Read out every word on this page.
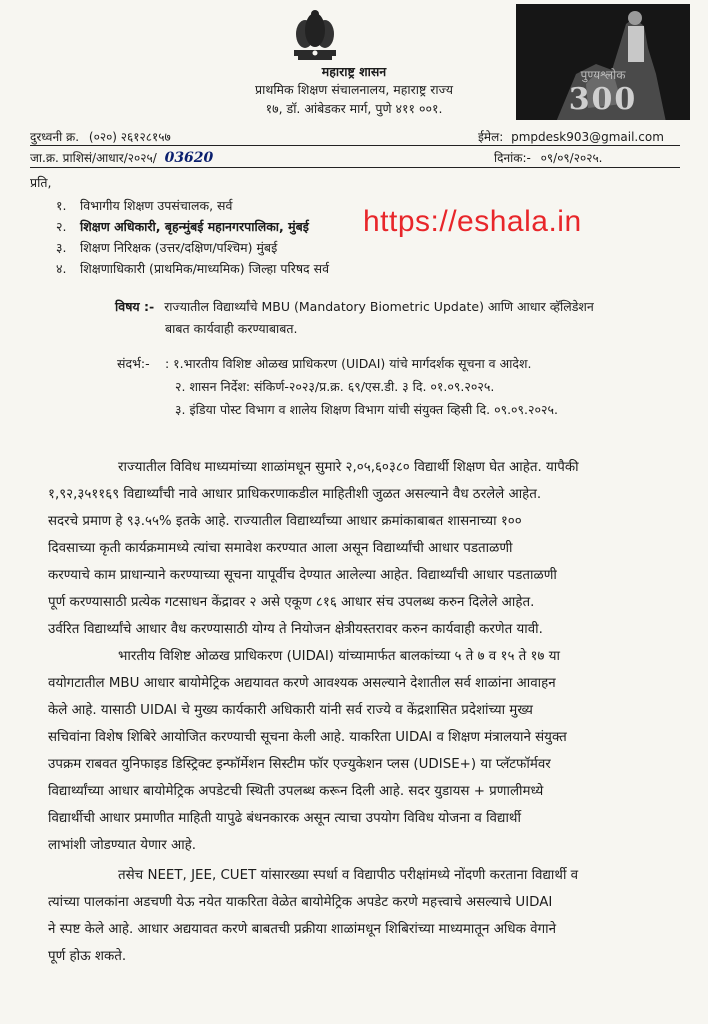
महाराष्ट्र शासन
प्राथमिक शिक्षण संचालनालय, महाराष्ट्र राज्य
१७, डॉ. आंबेडकर मार्ग, पुणे ४११ ००१.
पुण्यश्लोक
300
दुरध्वनी क्र. (०२०) २६१२८१५७	ईमेल: pmpdesk903@gmail.com
जा.क्र. प्राशिसं/आधार/२०२५/ 03620	दिनांक:- ०९/०९/२०२५.
प्रति,
१. विभागीय शिक्षण उपसंचालक, सर्व
२. शिक्षण अधिकारी, बृहन्मुंबई महानगरपालिका, मुंबई
३. शिक्षण निरिक्षक (उत्तर/दक्षिण/पश्चिम) मुंबई
४. शिक्षणाधिकारी (प्राथमिक/माध्यमिक) जिल्हा परिषद सर्व
https://eshala.in
विषय :- राज्यातील विद्यार्थ्यांचे MBU (Mandatory Biometric Update) आणि आधार व्हॅलिडेशन
बाबत कार्यवाही करण्याबाबत.
संदर्भ:- : १.भारतीय विशिष्ट ओळख प्राधिकरण (UIDAI) यांचे मार्गदर्शक सूचना व आदेश.
२. शासन निर्देश: संकिर्ण-२०२३/प्र.क्र. ६९/एस.डी. ३ दि. ०१.०९.२०२५.
३. इंडिया पोस्ट विभाग व शालेय शिक्षण विभाग यांची संयुक्त व्हिसी दि. ०९.०९.२०२५.
राज्यातील विविध माध्यमांच्या शाळांमधून सुमारे २,०५,६०३८० विद्यार्थी शिक्षण घेत आहेत. यापैकी
१,९२,३५११६९ विद्यार्थ्यांची नावे आधार प्राधिकरणाकडील माहितीशी जुळत असल्याने वैध ठरलेले आहेत.
सदरचे प्रमाण हे ९३.५५% इतके आहे. राज्यातील विद्यार्थ्यांच्या आधार क्रमांकाबाबत शासनाच्या १००
दिवसाच्या कृती कार्यक्रमामध्ये त्यांचा समावेश करण्यात आला असून विद्यार्थ्यांची आधार पडताळणी
करण्याचे काम प्राधान्याने करण्याच्या सूचना यापूर्वीच देण्यात आलेल्या आहेत. विद्यार्थ्यांची आधार पडताळणी
पूर्ण करण्यासाठी प्रत्येक गटसाधन केंद्रावर २ असे एकूण ८१६ आधार संच उपलब्ध करुन दिलेले आहेत.
उर्वरित विद्यार्थ्यांचे आधार वैध करण्यासाठी योग्य ते नियोजन क्षेत्रीयस्तरावर करुन कार्यवाही करणेत यावी.
भारतीय विशिष्ट ओळख प्राधिकरण (UIDAI) यांच्यामार्फत बालकांच्या ५ ते ७ व १५ ते १७ या
वयोगटातील MBU आधार बायोमेट्रिक अद्ययावत करणे आवश्यक असल्याने देशातील सर्व शाळांना आवाहन
केले आहे. यासाठी UIDAI चे मुख्य कार्यकारी अधिकारी यांनी सर्व राज्ये व केंद्रशासित प्रदेशांच्या मुख्य
सचिवांना विशेष शिबिरे आयोजित करण्याची सूचना केली आहे. याकरिता UIDAI व शिक्षण मंत्रालयाने संयुक्त
उपक्रम राबवत युनिफाइड डिस्ट्रिक्ट इन्फॉर्मेशन सिस्टीम फॉर एज्युकेशन प्लस (UDISE+) या प्लॅटफॉर्मवर
विद्यार्थ्यांच्या आधार बायोमेट्रिक अपडेटची स्थिती उपलब्ध करून दिली आहे. सदर युडायस + प्रणालीमध्ये
विद्यार्थीची आधार प्रमाणीत माहिती यापुढे बंधनकारक असून त्याचा उपयोग विविध योजना व विद्यार्थी
लाभांशी जोडण्यात येणार आहे.
तसेच NEET, JEE, CUET यांसारख्या स्पर्धा व विद्यापीठ परीक्षांमध्ये नोंदणी करताना विद्यार्थी व
त्यांच्या पालकांना अडचणी येऊ नयेत याकरिता वेळेत बायोमेट्रिक अपडेट करणे महत्त्वाचे असल्याचे UIDAI
ने स्पष्ट केले आहे. आधार अद्ययावत करणे बाबतची प्रक्रीया शाळांमधून शिबिरांच्या माध्यमातून अधिक वेगाने
पूर्ण होऊ शकते.
